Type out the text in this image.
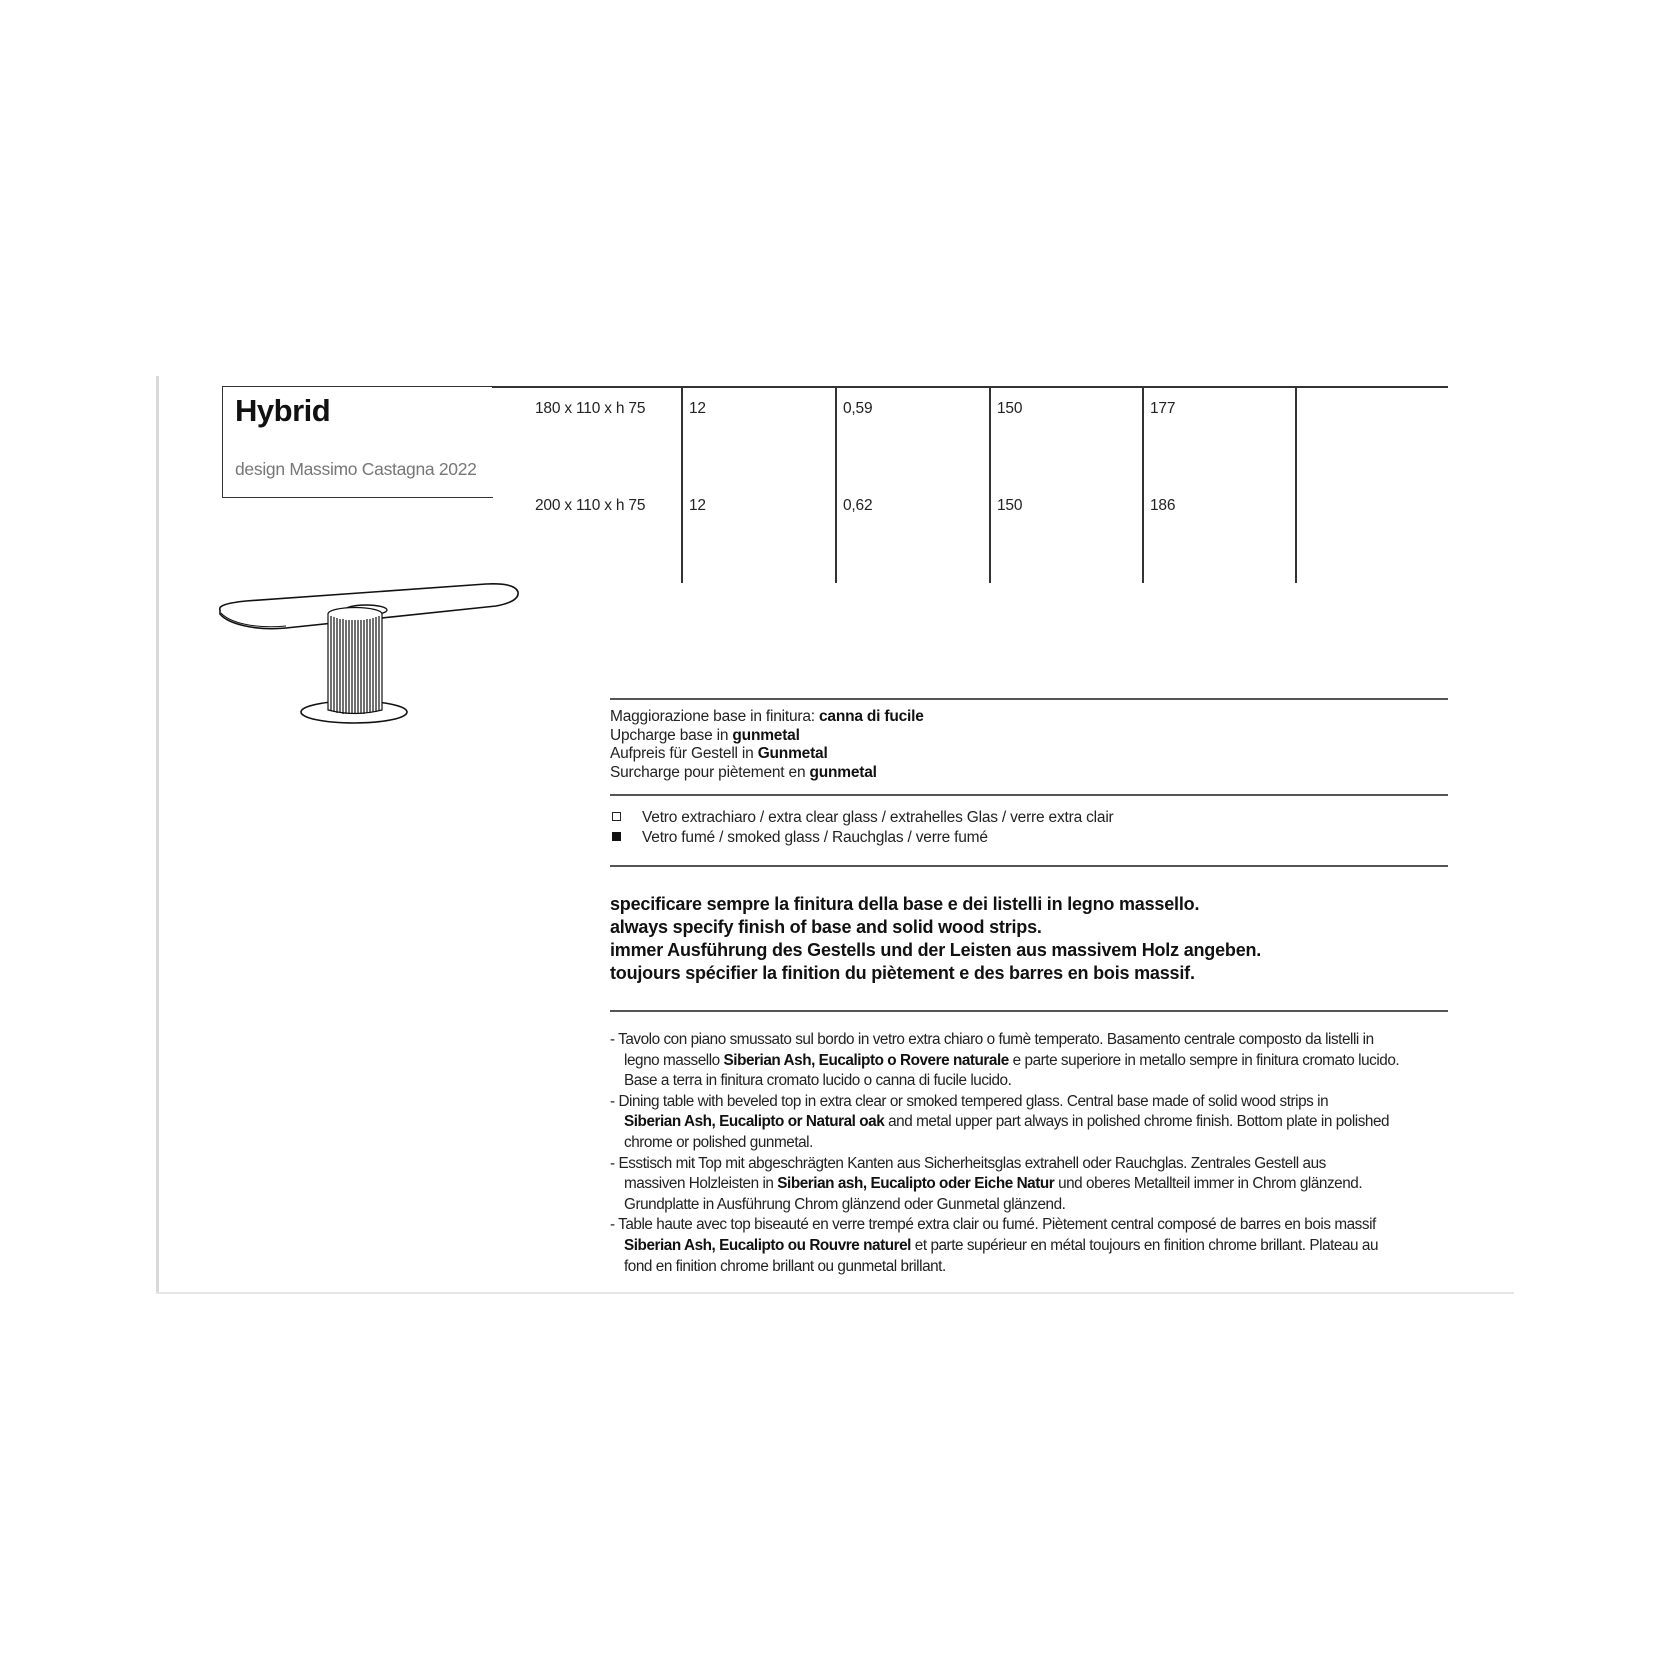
Hybrid
design Massimo Castagna 2022
180 x 110 x h 75	12	0,59	150	177
200 x 110 x h 75	12	0,62	150	186
Maggiorazione base in finitura: canna di fucile
Upcharge base in gunmetal
Aufpreis für Gestell in Gunmetal
Surcharge pour piètement en gunmetal
Vetro extrachiaro / extra clear glass / extrahelles Glas / verre extra clair
Vetro fumé / smoked glass / Rauchglas / verre fumé
specificare sempre la finitura della base e dei listelli in legno massello.
always specify finish of base and solid wood strips.
immer Ausführung des Gestells und der Leisten aus massivem Holz angeben.
toujours spécifier la finition du piètement e des barres en bois massif.
- Tavolo con piano smussato sul bordo in vetro extra chiaro o fumè temperato. Basamento centrale composto da listelli in
legno massello Siberian Ash, Eucalipto o Rovere naturale e parte superiore in metallo sempre in finitura cromato lucido.
Base a terra in finitura cromato lucido o canna di fucile lucido.
- Dining table with beveled top in extra clear or smoked tempered glass. Central base made of solid wood strips in
Siberian Ash, Eucalipto or Natural oak and metal upper part always in polished chrome finish. Bottom plate in polished
chrome or polished gunmetal.
- Esstisch mit Top mit abgeschrägten Kanten aus Sicherheitsglas extrahell oder Rauchglas. Zentrales Gestell aus
massiven Holzleisten in Siberian ash, Eucalipto oder Eiche Natur und oberes Metallteil immer in Chrom glänzend.
Grundplatte in Ausführung Chrom glänzend oder Gunmetal glänzend.
- Table haute avec top biseauté en verre trempé extra clair ou fumé. Piètement central composé de barres en bois massif
Siberian Ash, Eucalipto ou Rouvre naturel et parte supérieur en métal toujours en finition chrome brillant. Plateau au
fond en finition chrome brillant ou gunmetal brillant.
